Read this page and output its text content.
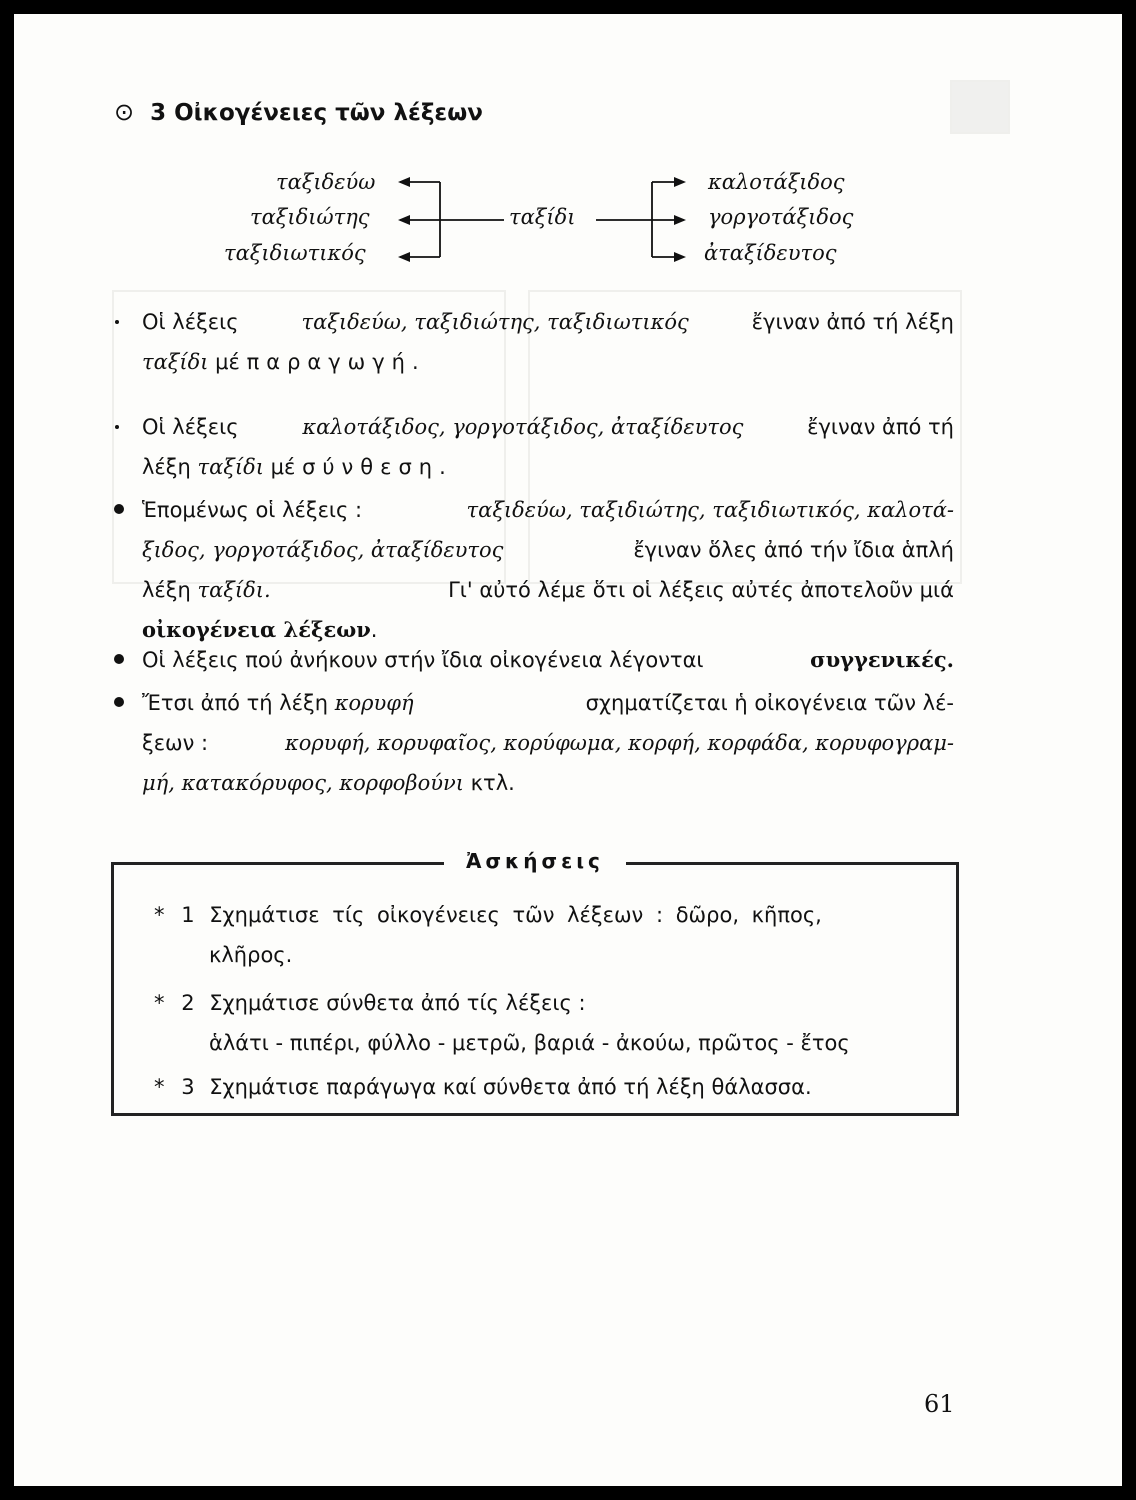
⊙ 3 Οἰκογένειες τῶν λέξεων
ταξιδεύω
ταξιδιώτης
ταξιδιωτικός
ταξίδι
καλοτάξιδος
γοργοτάξιδος
ἀταξίδευτος
Οἱ λέξεις	ταξιδεύω, ταξιδιώτης, ταξιδιωτικός	ἔγιναν ἀπό τή λέξη
ταξίδι μέ παραγωγή.
Οἱ λέξεις	καλοτάξιδος, γοργοτάξιδος, ἀταξίδευτος	ἔγιναν ἀπό τή
λέξη ταξίδι μέ σύνθεση.
Ἑπομένως οἱ λέξεις :	ταξιδεύω, ταξιδιώτης, ταξιδιωτικός, καλοτά-
ξιδος, γοργοτάξιδος, ἀταξίδευτος	ἔγιναν ὅλες ἀπό τήν ἴδια ἁπλή
λέξη ταξίδι.	Γι' αὐτό λέμε ὅτι οἱ λέξεις αὐτές ἀποτελοῦν μιά
οἰκογένεια λέξεων.
Οἱ λέξεις πού ἀνήκουν στήν ἴδια οἰκογένεια λέγονται	συγγενικές.
Ἔτσι ἀπό τή λέξη κορυφή	σχηματίζεται ἡ οἰκογένεια τῶν λέ-
ξεων :	κορυφή, κορυφαῖος, κορύφωμα, κορφή, κορφάδα, κορυφογραμ-
μή, κατακόρυφος, κορφοβούνι κτλ.
Ἀσκήσεις
* 1 Σχημάτισε τίς οἰκογένειες τῶν λέξεων : δῶρο, κῆπος,
κλῆρος.
* 2 Σχημάτισε σύνθετα ἀπό τίς λέξεις :
ἁλάτι - πιπέρι, φύλλο - μετρῶ, βαριά - ἀκούω, πρῶτος - ἔτος
* 3 Σχημάτισε παράγωγα καί σύνθετα ἀπό τή λέξη θάλασσα.
61
